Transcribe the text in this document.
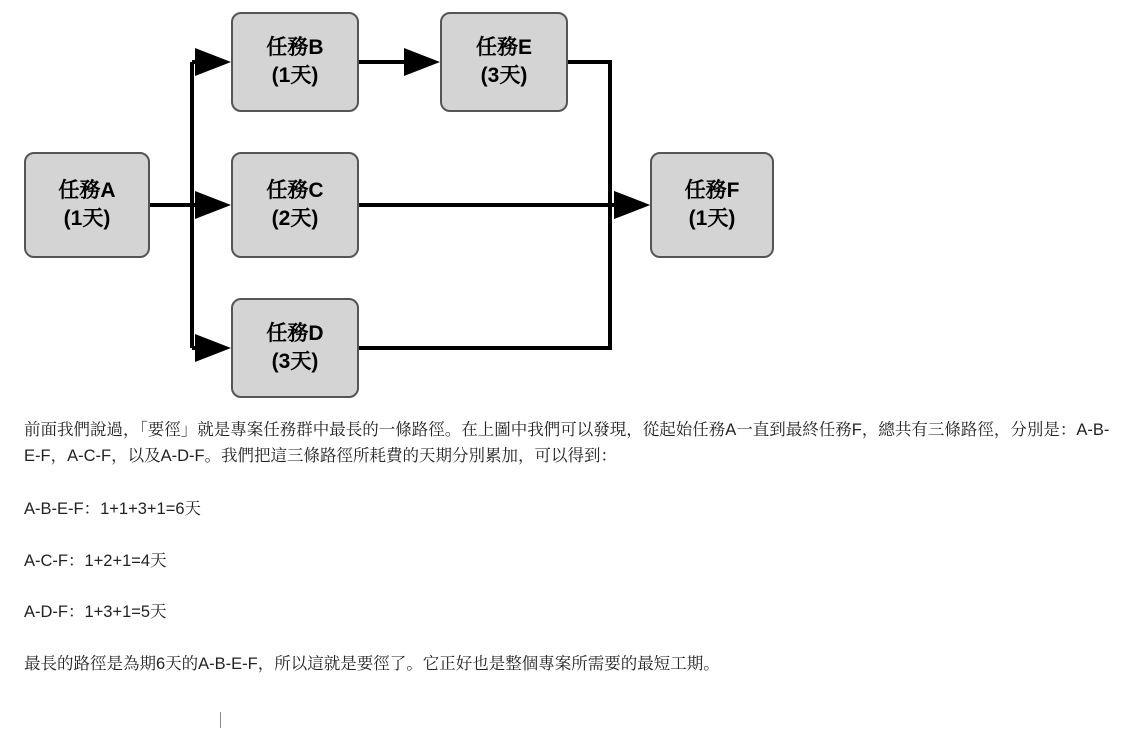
任務A
(1天)
任務B
(1天)
任務C
(2天)
任務D
(3天)
任務E
(3天)
任務F
(1天)

前面我們說過，「要徑」就是專案任務群中最長的一條路徑。在上圖中我們可以發現，從起始任務A一直到最終任務F，總共有三條路徑，分別是：A-B-E-F，A-C-F，以及A-D-F。我們把這三條路徑所耗費的天期分別累加，可以得到：

A-B-E-F：1+1+3+1=6天

A-C-F：1+2+1=4天

A-D-F：1+3+1=5天

最長的路徑是為期6天的A-B-E-F，所以這就是要徑了。它正好也是整個專案所需要的最短工期。
